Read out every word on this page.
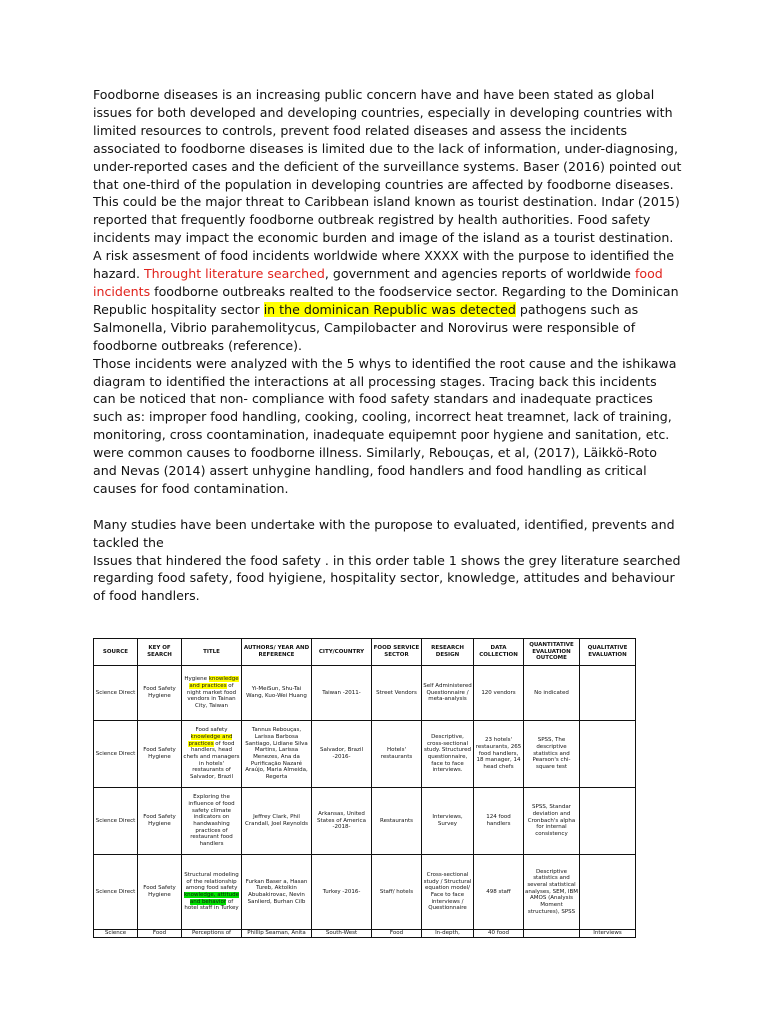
Foodborne diseases is an increasing public concern have and have been stated as global issues for both developed and developing countries, especially in developing countries with limited resources to controls, prevent food related diseases and assess the incidents associated to foodborne diseases is limited due to the lack of information, under-diagnosing, under-reported cases and the deficient of the surveillance systems. Baser (2016) pointed out that one-third of the population in developing countries are affected by foodborne diseases. This could be the major threat to Caribbean island known as tourist destination. Indar (2015) reported that frequently foodborne outbreak registred by health authorities. Food safety incidents may impact the economic burden and image of the island as a tourist destination. A risk assesment of food incidents worldwide where XXXX with the purpose to identified the hazard. Throught literature searched, government and agencies reports of worldwide food incidents foodborne outbreaks realted to the foodservice sector. Regarding to the Dominican Republic hospitality sector in the dominican Republic was detected pathogens such as Salmonella, Vibrio parahemolitycus, Campilobacter and Norovirus were responsible of foodborne outbreaks (reference).

Those incidents were analyzed with the 5 whys to identified the root cause and the ishikawa diagram to identified the interactions at all processing stages. Tracing back this incidents can be noticed that non- compliance with food safety standars and inadequate practices such as: improper food handling, cooking, cooling, incorrect heat treamnet, lack of training, monitoring, cross coontamination, inadequate equipemnt poor hygiene and sanitation, etc. were common causes to foodborne illness. Similarly, Rebouças, et al, (2017), Läikkö-Roto and Nevas (2014) assert unhygine handling, food handlers and food handling as critical causes for food contamination.

Many studies have been undertake with the puropose to evaluated, identified, prevents and tackled the

Issues that hindered the food safety . in this order table 1 shows the grey literature searched regarding food safety, food hyigiene, hospitality sector, knowledge, attitudes and behaviour of food handlers.

SOURCE	KEY OF SEARCH	TITLE	AUTHORS/ YEAR AND REFERENCE	CITY/COUNTRY	FOOD SERVICE SECTOR	RESEARCH DESIGN	DATA COLLECTION	QUANTITATIVE EVALUATION OUTCOME	QUALITATIVE EVALUATION
Science Direct	Food Safety Hygiene	Hygiene knowledge and practices of night market food vendors in Tainan City, Taiwan	Yi-MeiSun, Shu-Tai Wang, Kuo-Wei Huang	Taiwan -2011-	Street Vendors	Self Administered Questionnaire / meta-analysis	120 vendors	No indicated	
Science Direct	Food Safety Hygiene	Food safety knowledge and practices of food handlers, head chefs and managers in hotels' restaurants of Salvador, Brazil	Tannus Rebouças, Larissa Barbosa Santiago, Lidiane Silva Martins, Larissa Menezes, Ana da Purificação Nazaré Araújo, Maria Almeida, Regerta	Salvador, Brazil -2016-	Hotels' restaurants	Descriptive, cross-sectional study. Structured questionnaire, face to face interviews.	23 hotels' restaurants, 265 food handlers, 18 manager, 14 head chefs	SPSS, The descriptive statistics and Pearson's chi-square test	
Science Direct	Food Safety Hygiene	Exploring the influence of food safety climate indicators on handwashing practices of restaurant food handlers	Jeffrey Clark, Phil Crandall, Joel Reynolds	Arkansas, United States of America -2018-	Restaurants	Interviews, Survey	124 food handlers	SPSS, Standar deviation and Cronbach's alpha for internal consistency	
Science Direct	Food Safety Hygiene	Structural modeling of the relationship among food safety knowledge, attitude and behavior of hotel staff in Turkey	Furkan Baser a, Hasan Tureb, Aktolkin Abubakirovac, Nevin Sanlierd, Burhan Cilb	Turkey -2016-	Staff/ hotels	Cross-sectional study / Structural equation model/ Face to face interviews / Questionnaire	498 staff	Descriptive statistics and several statistical analyses, SEM, IBM AMOS (Analysis Moment structures), SPSS	
Science	Food	Perceptions of	Phillip Seaman, Anita	South-West	Food	In-depth,	40 food		Interviews
